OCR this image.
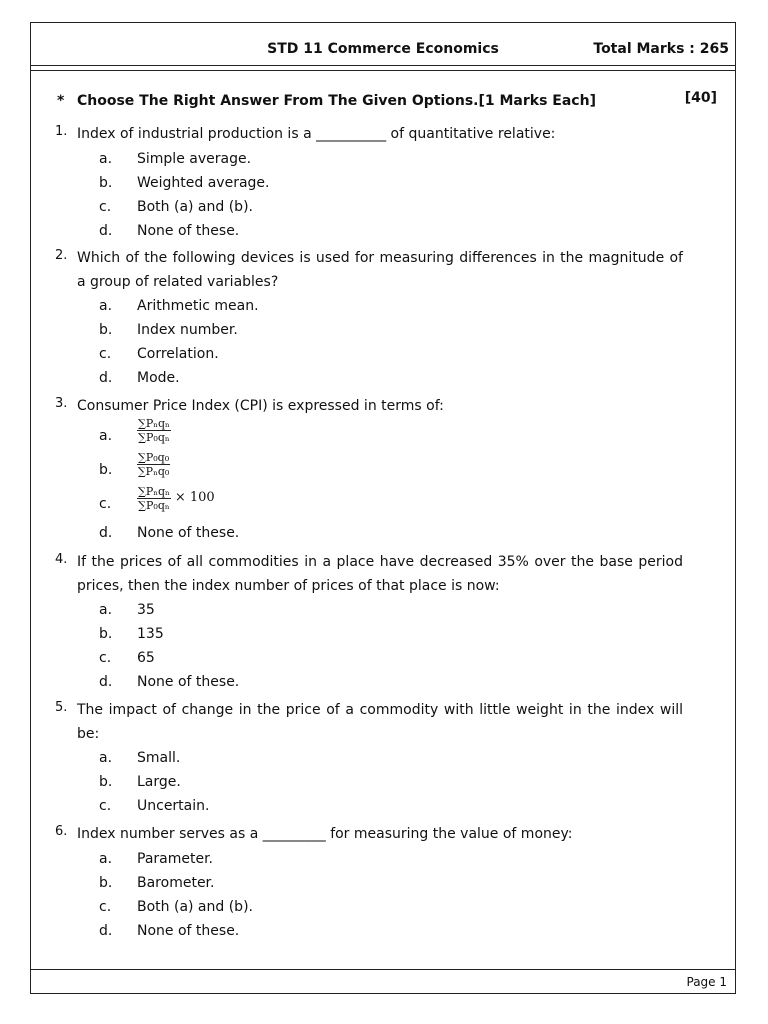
STD 11 Commerce Economics	Total Marks : 265
* Choose The Right Answer From The Given Options.[1 Marks Each]	[40]
1. Index of industrial production is a __________ of quantitative relative:
a. Simple average.
b. Weighted average.
c. Both (a) and (b).
d. None of these.
2. Which of the following devices is used for measuring differences in the magnitude of a group of related variables?
a. Arithmetic mean.
b. Index number.
c. Correlation.
d. Mode.
3. Consumer Price Index (CPI) is expressed in terms of:
a.
∑Pₙqₙ
∑P₀qₙ
b.
∑P₀q₀
∑Pₙq₀
c.
∑Pₙqₙ
∑P₀qₙ × 100
d. None of these.
4. If the prices of all commodities in a place have decreased 35% over the base period prices, then the index number of prices of that place is now:
a. 35
b. 135
c. 65
d. None of these.
5. The impact of change in the price of a commodity with little weight in the index will be:
a. Small.
b. Large.
c. Uncertain.
6. Index number serves as a _________ for measuring the value of money:
a. Parameter.
b. Barometer.
c. Both (a) and (b).
d. None of these.
Page 1
